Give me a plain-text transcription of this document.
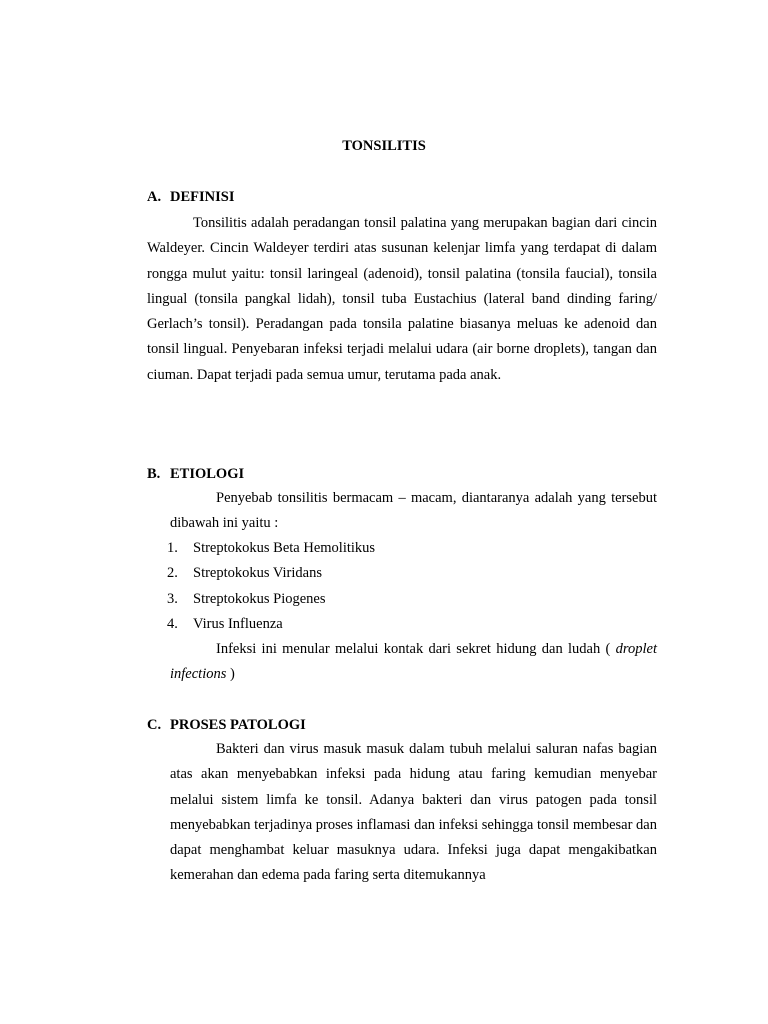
TONSILITIS
A. DEFINISI

Tonsilitis adalah peradangan tonsil palatina yang merupakan bagian dari cincin Waldeyer. Cincin Waldeyer terdiri atas susunan kelenjar limfa yang terdapat di dalam rongga mulut yaitu: tonsil laringeal (adenoid), tonsil palatina (tonsila faucial), tonsila lingual (tonsila pangkal lidah), tonsil tuba Eustachius (lateral band dinding faring/ Gerlach’s tonsil). Peradangan pada tonsila palatine biasanya meluas ke adenoid dan tonsil lingual. Penyebaran infeksi terjadi melalui udara (air borne droplets), tangan dan ciuman. Dapat terjadi pada semua umur, terutama pada anak.

B. ETIOLOGI

Penyebab tonsilitis bermacam – macam, diantaranya adalah yang tersebut dibawah ini yaitu :

1. Streptokokus Beta Hemolitikus
2. Streptokokus Viridans
3. Streptokokus Piogenes
4. Virus Influenza

Infeksi ini menular melalui kontak dari sekret hidung dan ludah ( droplet infections )

C. PROSES PATOLOGI

Bakteri dan virus masuk masuk dalam tubuh melalui saluran nafas bagian atas akan menyebabkan infeksi pada hidung atau faring kemudian menyebar melalui sistem limfa ke tonsil. Adanya bakteri dan virus patogen pada tonsil menyebabkan terjadinya proses inflamasi dan infeksi sehingga tonsil membesar dan dapat menghambat keluar masuknya udara. Infeksi juga dapat mengakibatkan kemerahan dan edema pada faring serta ditemukannya
